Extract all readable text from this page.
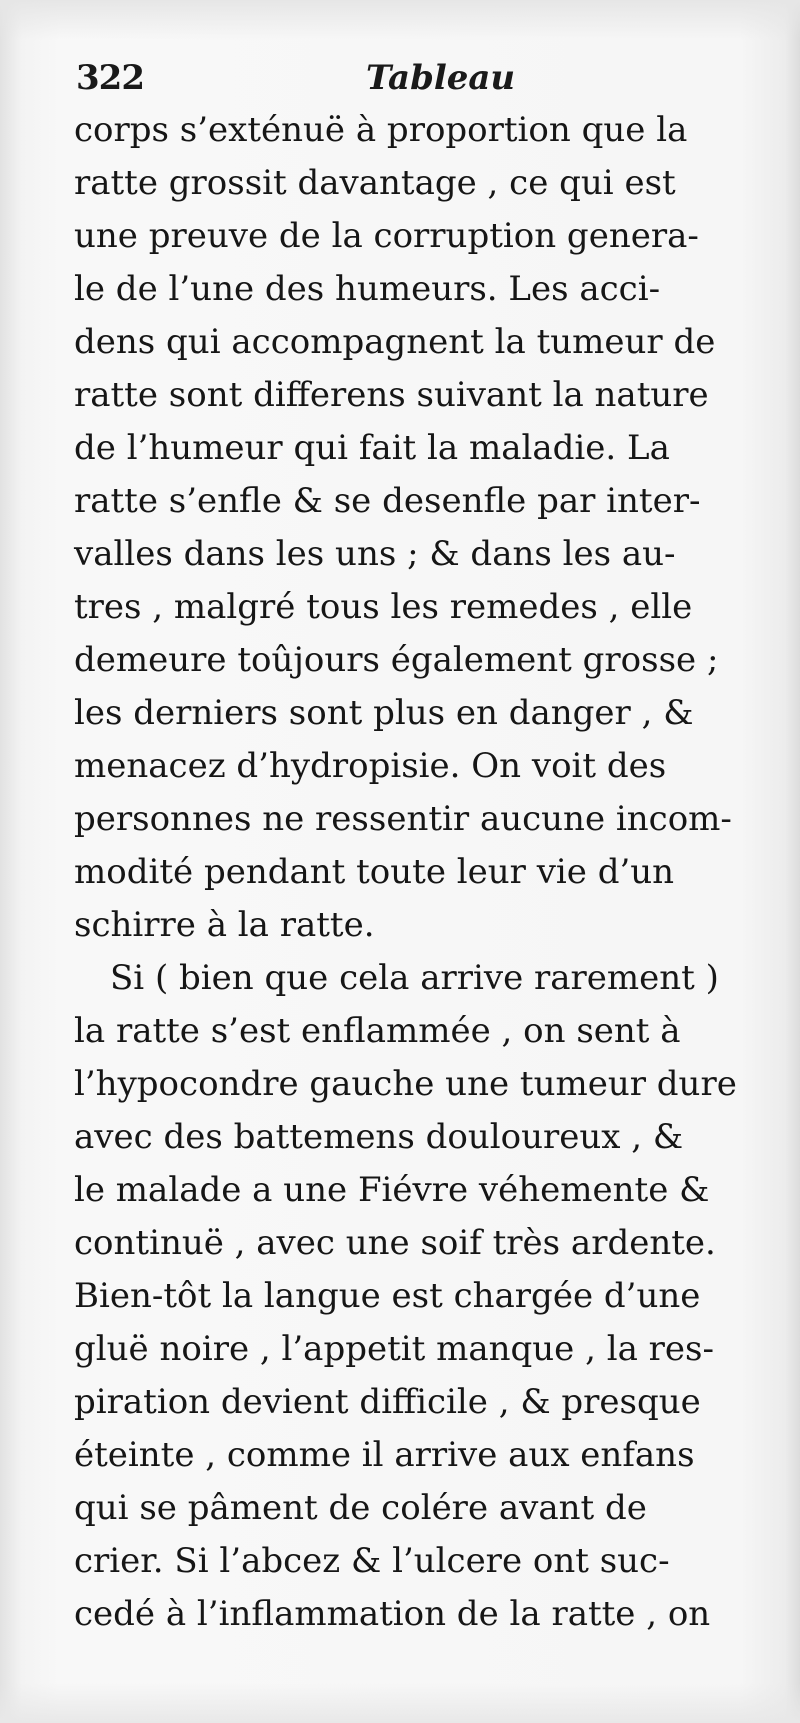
322	Tableau
corps s’exténuë à proportion que la
ratte grossit davantage , ce qui est
une preuve de la corruption genera-
le de l’une des humeurs. Les acci-
dens qui accompagnent la tumeur de
ratte sont differens suivant la nature
de l’humeur qui fait la maladie. La
ratte s’enfle & se desenfle par inter-
valles dans les uns ; & dans les au-
tres , malgré tous les remedes , elle
demeure toûjours également grosse ;
les derniers sont plus en danger , &
menacez d’hydropisie. On voit des
personnes ne ressentir aucune incom-
modité pendant toute leur vie d’un
schirre à la ratte.
Si ( bien que cela arrive rarement )
la ratte s’est enflammée , on sent à
l’hypocondre gauche une tumeur dure
avec des battemens douloureux , &
le malade a une Fiévre véhemente &
continuë , avec une soif très ardente.
Bien-tôt la langue est chargée d’une
gluë noire , l’appetit manque , la res-
piration devient difficile , & presque
éteinte , comme il arrive aux enfans
qui se pâment de colére avant de
crier. Si l’abcez & l’ulcere ont suc-
cedé à l’inflammation de la ratte , on
